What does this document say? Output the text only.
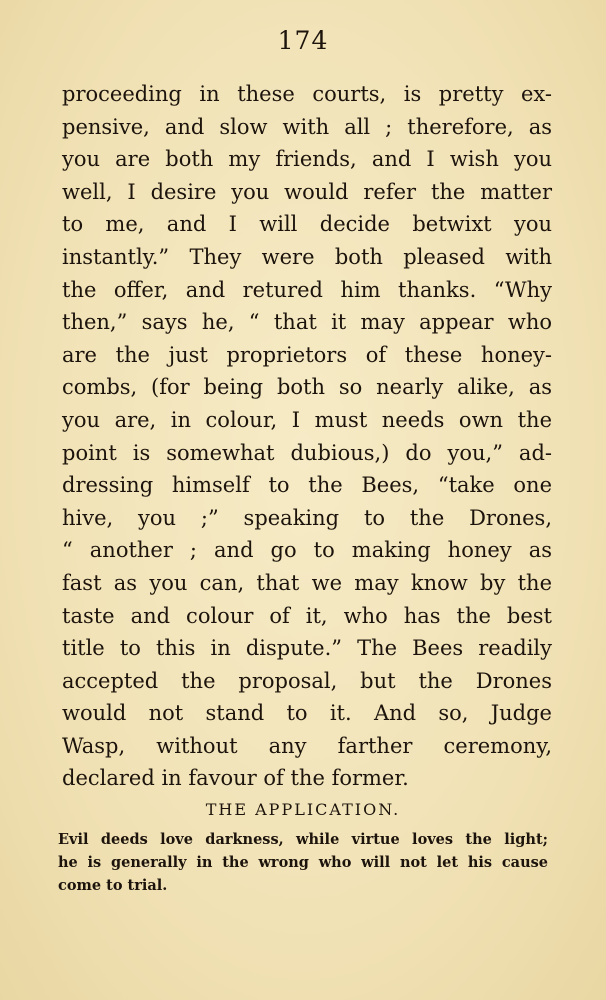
174
proceeding in these courts, is pretty ex-
pensive, and slow with all ; therefore, as
you are both my friends, and I wish you
well, I desire you would refer the matter
to me, and I will decide betwixt you
instantly.” They were both pleased with
the offer, and retured him thanks. “Why
then,” says he, “ that it may appear who
are the just proprietors of these honey-
combs, (for being both so nearly alike, as
you are, in colour, I must needs own the
point is somewhat dubious,) do you,” ad-
dressing himself to the Bees, “take one
hive, you ;” speaking to the Drones,
“ another ; and go to making honey as
fast as you can, that we may know by the
taste and colour of it, who has the best
title to this in dispute.” The Bees readily
accepted the proposal, but the Drones
would not stand to it. And so, Judge
Wasp, without any farther ceremony,
declared in favour of the former.
THE APPLICATION.
Evil deeds love darkness, while virtue loves the light;
he is generally in the wrong who will not let his cause
come to trial.
